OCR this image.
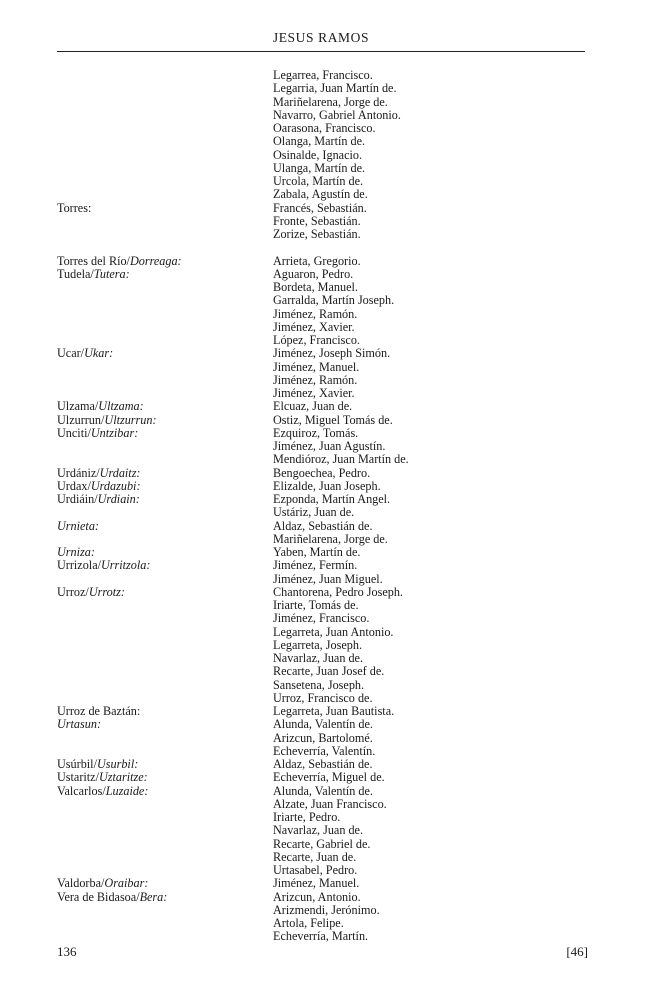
JESUS RAMOS
Legarrea, Francisco.
Legarria, Juan Martín de.
Mariñelarena, Jorge de.
Navarro, Gabriel Antonio.
Oarasona, Francisco.
Olanga, Martín de.
Osinalde, Ignacio.
Ulanga, Martín de.
Urcola, Martín de.
Zabala, Agustín de.
Torres:	Francés, Sebastián.
Fronte, Sebastián.
Zorize, Sebastián.
Torres del Río/Dorreaga:	Arrieta, Gregorio.
Tudela/Tutera:	Aguaron, Pedro.
Bordeta, Manuel.
Garralda, Martín Joseph.
Jiménez, Ramón.
Jiménez, Xavier.
López, Francisco.
Ucar/Ukar:	Jiménez, Joseph Simón.
Jiménez, Manuel.
Jiménez, Ramón.
Jiménez, Xavier.
Ulzama/Ultzama:	Elcuaz, Juan de.
Ulzurrun/Ultzurrun:	Ostiz, Miguel Tomás de.
Unciti/Untzibar:	Ezquiroz, Tomás.
Jiménez, Juan Agustín.
Mendióroz, Juan Martín de.
Urdániz/Urdaitz:	Bengoechea, Pedro.
Urdax/Urdazubi:	Elizalde, Juan Joseph.
Urdiáin/Urdiain:	Ezponda, Martín Angel.
Ustáriz, Juan de.
Urnieta:	Aldaz, Sebastián de.
Mariñelarena, Jorge de.
Urniza:	Yaben, Martín de.
Urrizola/Urritzola:	Jiménez, Fermín.
Jiménez, Juan Miguel.
Urroz/Urrotz:	Chantorena, Pedro Joseph.
Iriarte, Tomás de.
Jiménez, Francisco.
Legarreta, Juan Antonio.
Legarreta, Joseph.
Navarlaz, Juan de.
Recarte, Juan Josef de.
Sansetena, Joseph.
Urroz, Francisco de.
Urroz de Baztán:	Legarreta, Juan Bautista.
Urtasun:	Alunda, Valentín de.
Arizcun, Bartolomé.
Echeverría, Valentín.
Usúrbil/Usurbil:	Aldaz, Sebastián de.
Ustaritz/Uztaritze:	Echeverría, Miguel de.
Valcarlos/Luzaide:	Alunda, Valentín de.
Alzate, Juan Francisco.
Iriarte, Pedro.
Navarlaz, Juan de.
Recarte, Gabriel de.
Recarte, Juan de.
Urtasabel, Pedro.
Valdorba/Oraibar:	Jiménez, Manuel.
Vera de Bidasoa/Bera:	Arizcun, Antonio.
Arizmendi, Jerónimo.
Artola, Felipe.
Echeverría, Martín.
136	[46]
